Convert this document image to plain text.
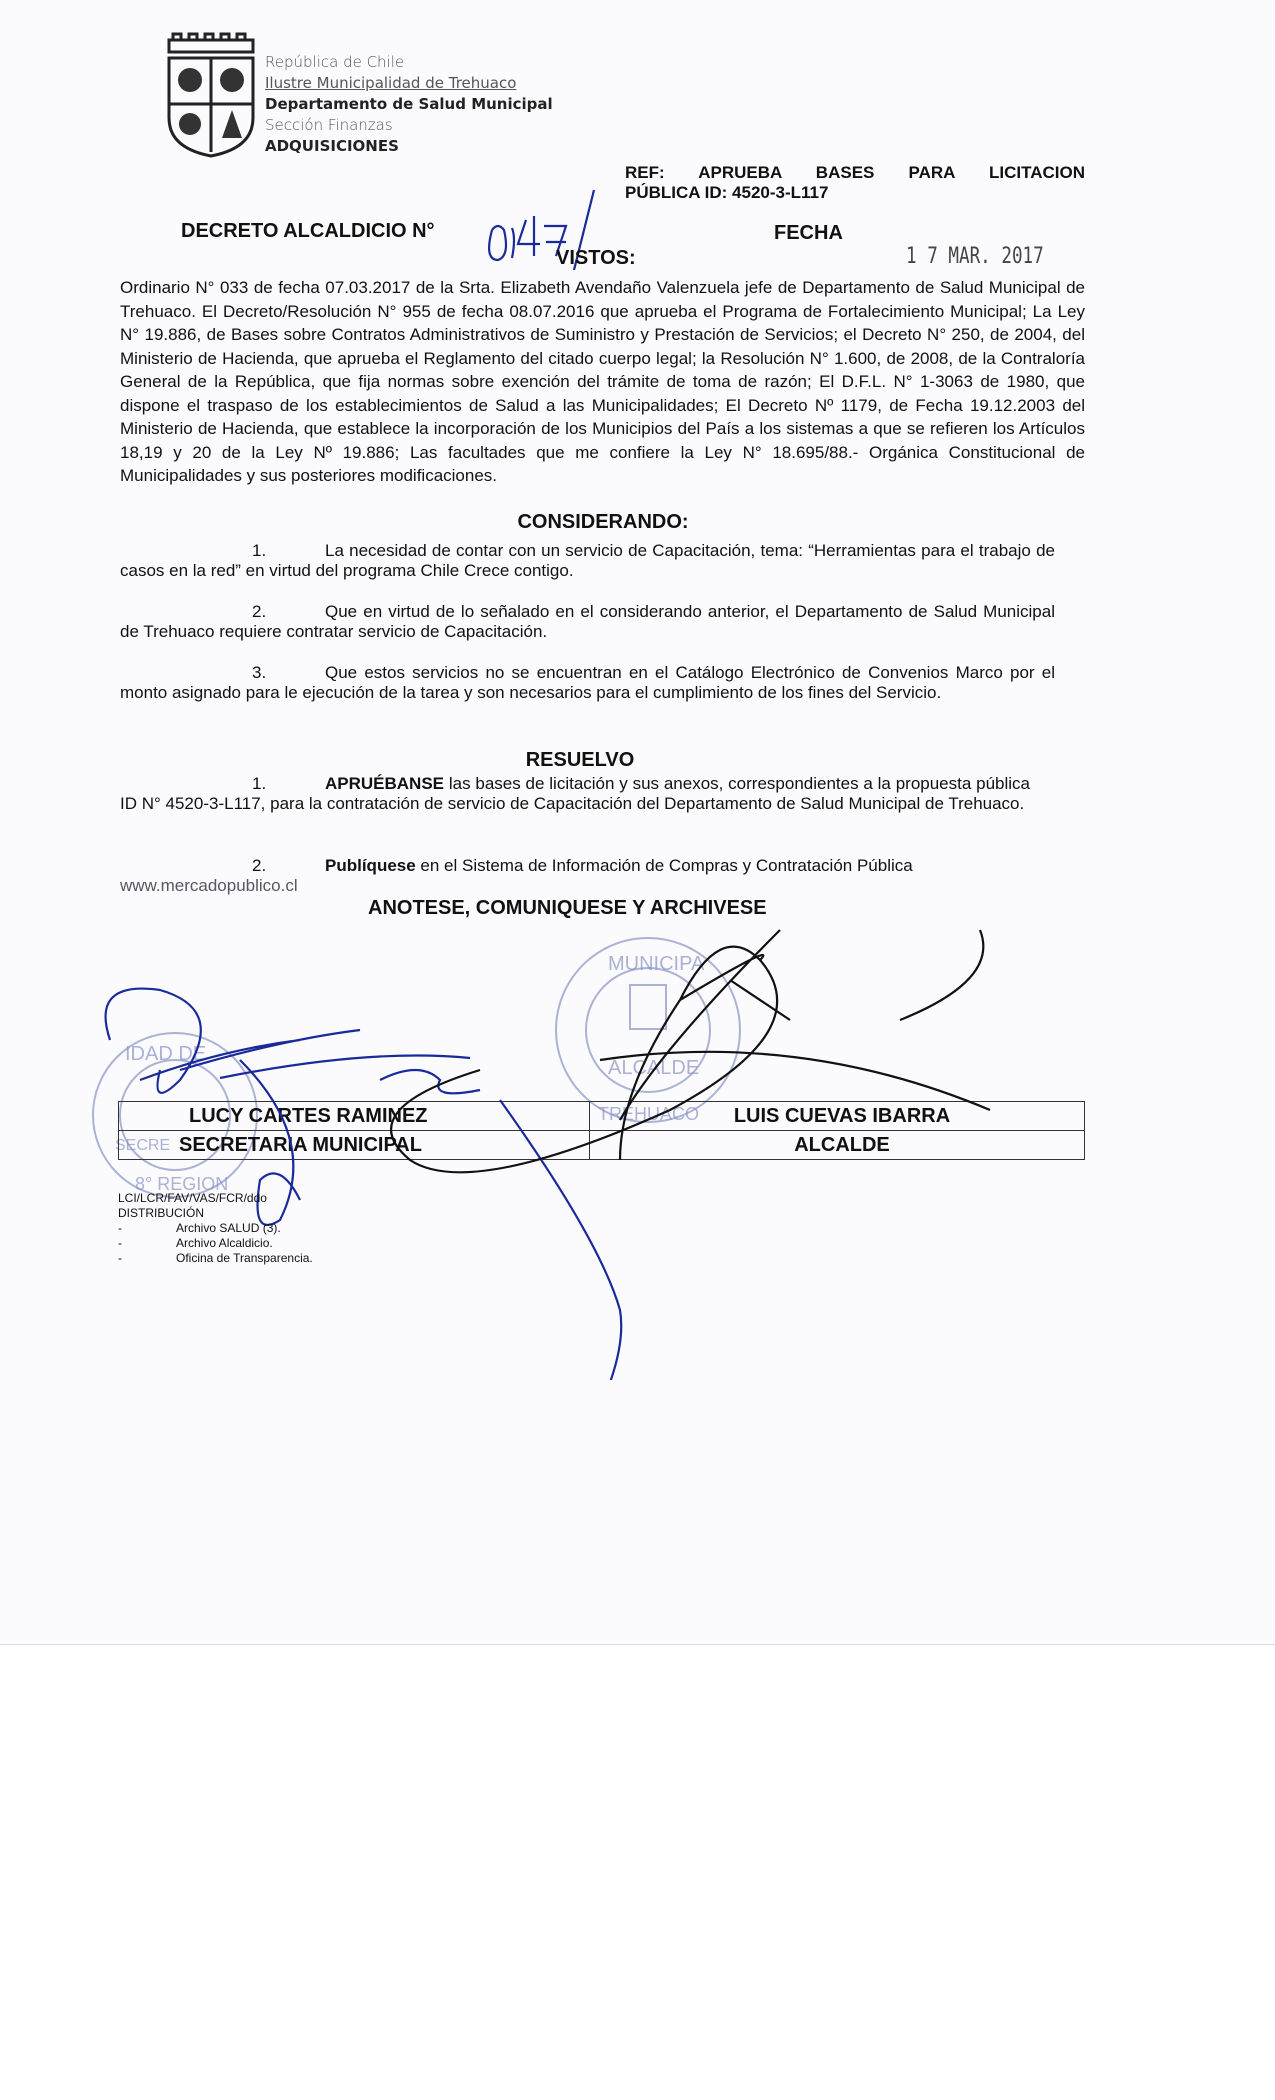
República de Chile
Ilustre Municipalidad de Trehuaco
Departamento de Salud Municipal
Sección Finanzas
ADQUISICIONES
REF:   APRUEBA   BASES   PARA   LICITACION
PÚBLICA ID: 4520-3-L117
DECRETO ALCALDICIO N°	FECHA
1 7 MAR. 2017
VISTOS:
Ordinario N° 033 de fecha 07.03.2017 de la Srta. Elizabeth Avendaño Valenzuela jefe de Departamento de Salud Municipal de Trehuaco. El Decreto/Resolución N° 955 de fecha 08.07.2016 que aprueba el Programa de Fortalecimiento Municipal; La Ley N° 19.886, de Bases sobre Contratos Administrativos de Suministro y Prestación de Servicios; el Decreto N° 250, de 2004, del Ministerio de Hacienda, que aprueba el Reglamento del citado cuerpo legal; la Resolución N° 1.600, de 2008, de la Contraloría General de la República, que fija normas sobre exención del trámite de toma de razón; El D.F.L. N° 1-3063 de 1980, que dispone el traspaso de los establecimientos de Salud a las Municipalidades; El Decreto Nº 1179, de Fecha 19.12.2003 del Ministerio de Hacienda, que establece la incorporación de los Municipios del País a los sistemas a que se refieren los Artículos 18,19 y 20 de la Ley Nº 19.886; Las facultades que me confiere la Ley N° 18.695/88.- Orgánica Constitucional de Municipalidades y sus posteriores modificaciones.
CONSIDERANDO:
1.	La necesidad de contar con un servicio de Capacitación, tema: “Herramientas para el trabajo de casos en la red” en virtud del programa Chile Crece contigo.
2.	Que en virtud de lo señalado en el considerando anterior, el Departamento de Salud Municipal de Trehuaco requiere contratar servicio de Capacitación.
3.	Que estos servicios no se encuentran en el Catálogo Electrónico de Convenios Marco por el monto asignado para le ejecución de la tarea y son necesarios para el cumplimiento de los fines del Servicio.
RESUELVO
1.	APRUÉBANSE las bases de licitación y sus anexos, correspondientes a la propuesta pública ID N° 4520-3-L117, para la contratación de servicio de Capacitación del Departamento de Salud Municipal de Trehuaco.
2.	Publíquese en el Sistema de Información de Compras y Contratación Pública
www.mercadopublico.cl
ANOTESE, COMUNIQUESE Y ARCHIVESE
IDAD DE
SECRE
8° REGION
MUNICIPA
ALCALDE
TREHUACO
LUCY CARTES RAMINEZ	LUIS CUEVAS IBARRA
SECRETARIA MUNICIPAL	ALCALDE
LCI/LCR/FAV/VAS/FCR/ddo
DISTRIBUCIÓN
-	Archivo SALUD (3).
-	Archivo Alcaldicio.
-	Oficina de Transparencia.
